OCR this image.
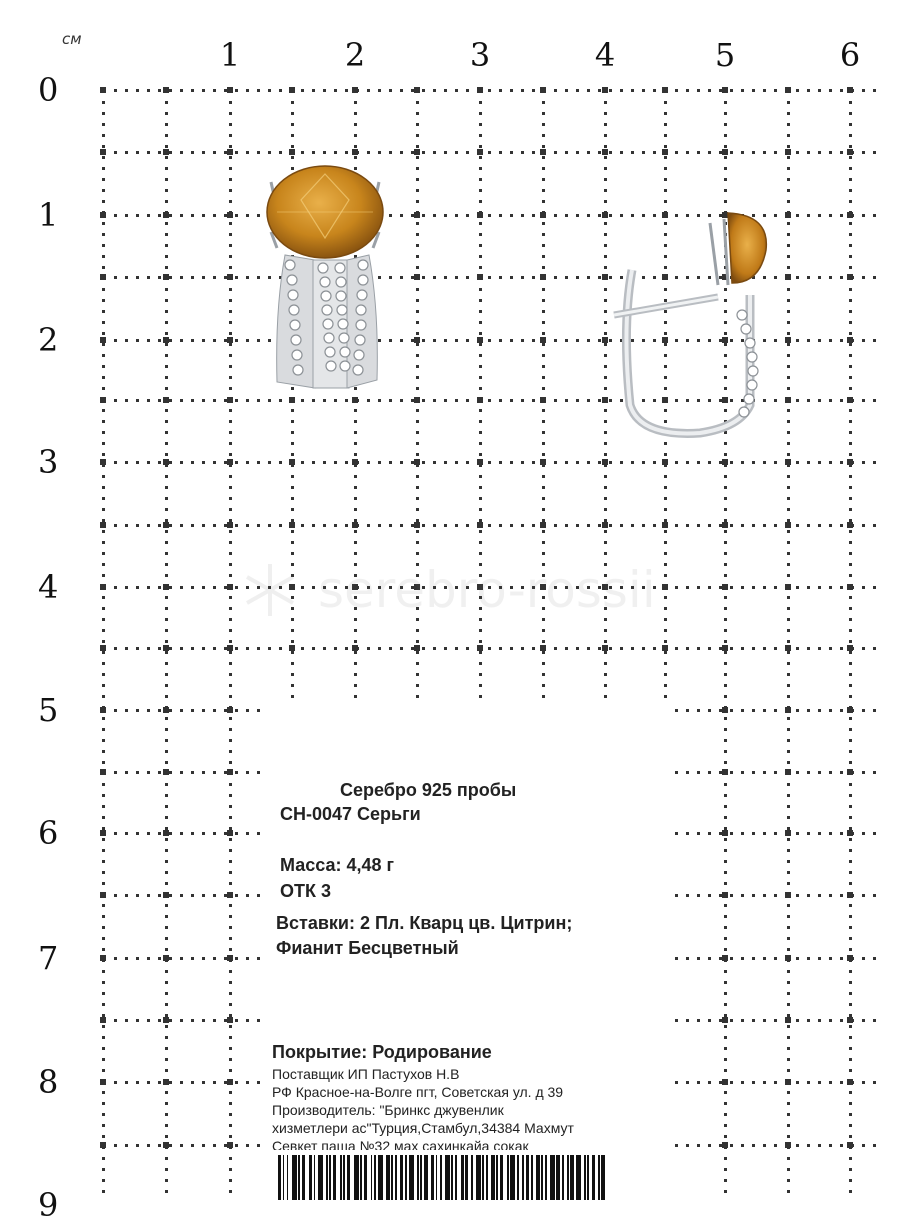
см	1	2	3	4	5	6
0
1
2
3
4
5
6
7
8
9
serebro-rossii
Серебро 925 пробы
СН-0047 Серьги
Масса: 4,48 г
ОТК 3
Вставки: 2 Пл. Кварц цв. Цитрин;
Фианит Бесцветный
Покрытие: Родирование
Поставщик ИП Пастухов Н.В
РФ Красное-на-Волге пгт, Советская ул. д 39
Производитель: "Бринкс джувенлик
хизметлери ас"Турция,Стамбул,34384 Махмут
Севкет паша №32 мах сахинкайа сокак
